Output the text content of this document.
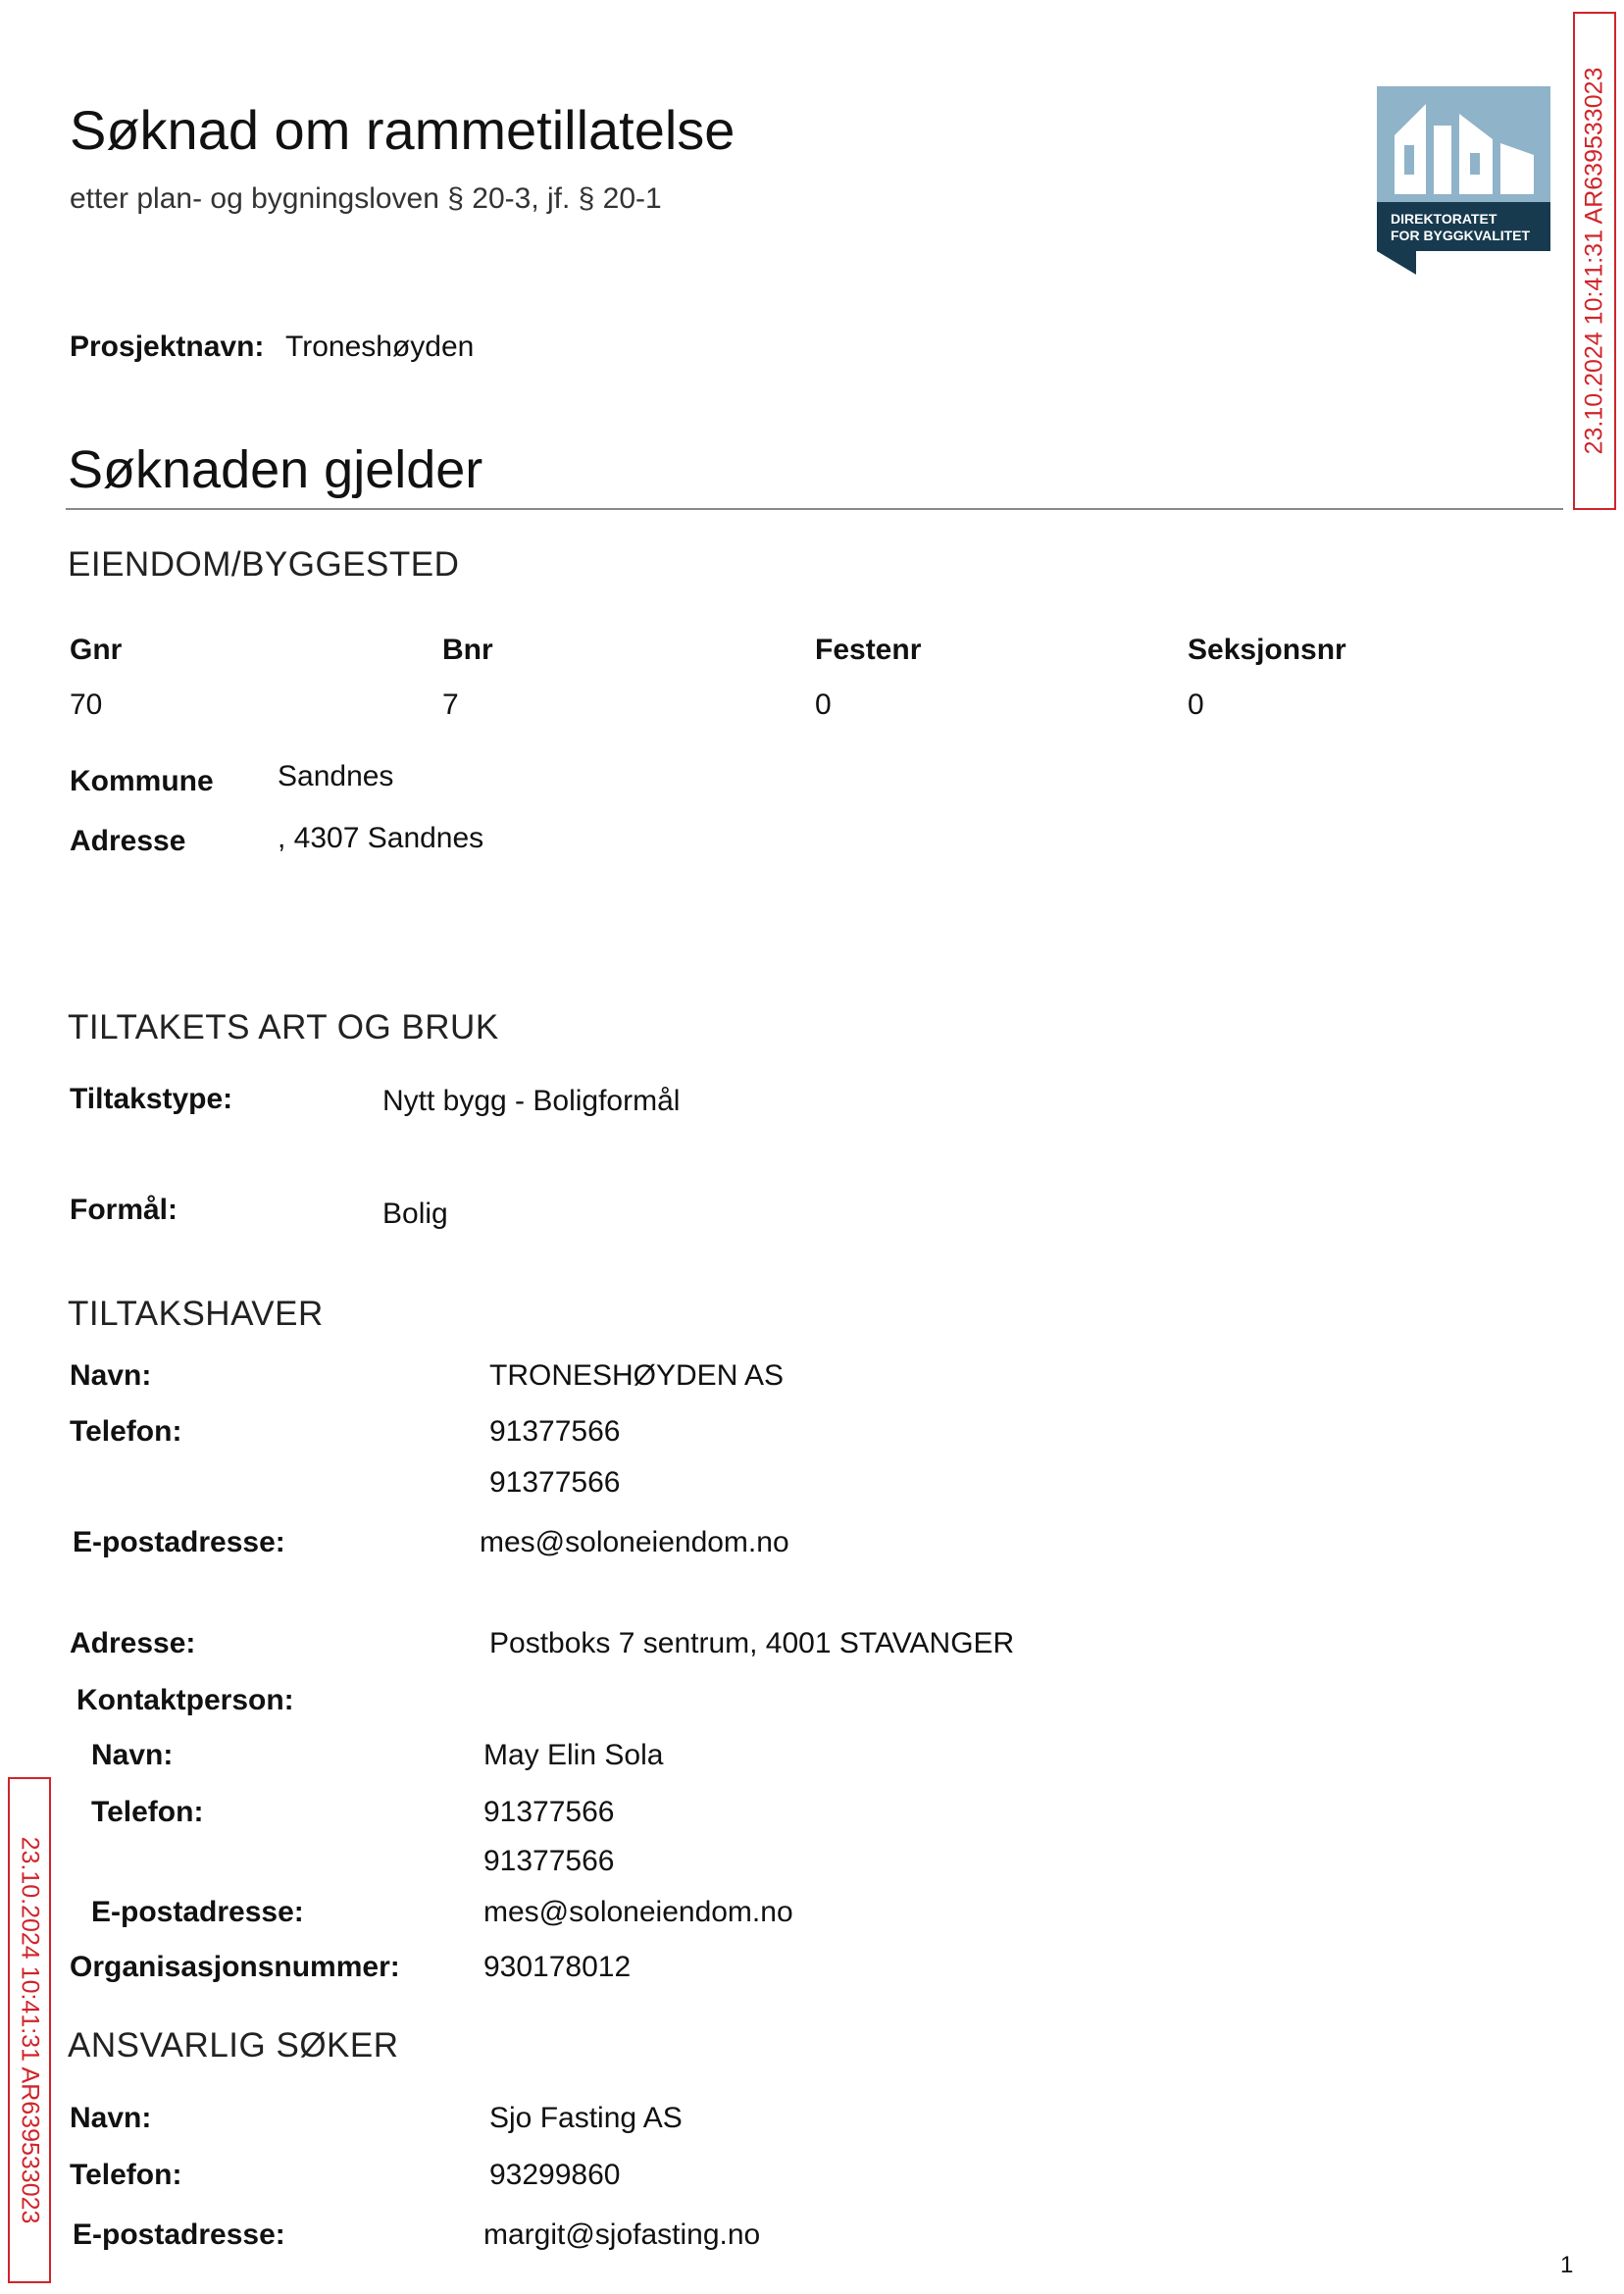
Søknad om rammetillatelse
etter plan- og bygningsloven § 20-3, jf. § 20-1
DIREKTORATET
FOR BYGGKVALITET 23.10.2024 10:41:31 AR639533023
23.10.2024 10:41:31 AR639533023
Prosjektnavn: Troneshøyden
Søknaden gjelder
EIENDOM/BYGGESTED
Gnr	Bnr	Festenr	Seksjonsnr
70	7	0	0
Kommune Sandnes
Adresse	, 4307 Sandnes
TILTAKETS ART OG BRUK
Tiltakstype:	Nytt bygg - Boligformål
Formål:	Bolig
TILTAKSHAVER
Navn:	TRONESHØYDEN AS
Telefon:	91377566
91377566
E-postadresse:	mes@soloneiendom.no
Adresse:	Postboks 7 sentrum, 4001 STAVANGER
Kontaktperson:
Navn:	May Elin Sola
Telefon:	91377566
91377566
E-postadresse:	mes@soloneiendom.no
Organisasjonsnummer:	930178012
ANSVARLIG SØKER
Navn:	Sjo Fasting AS
Telefon:	93299860
E-postadresse:	margit@sjofasting.no
1
